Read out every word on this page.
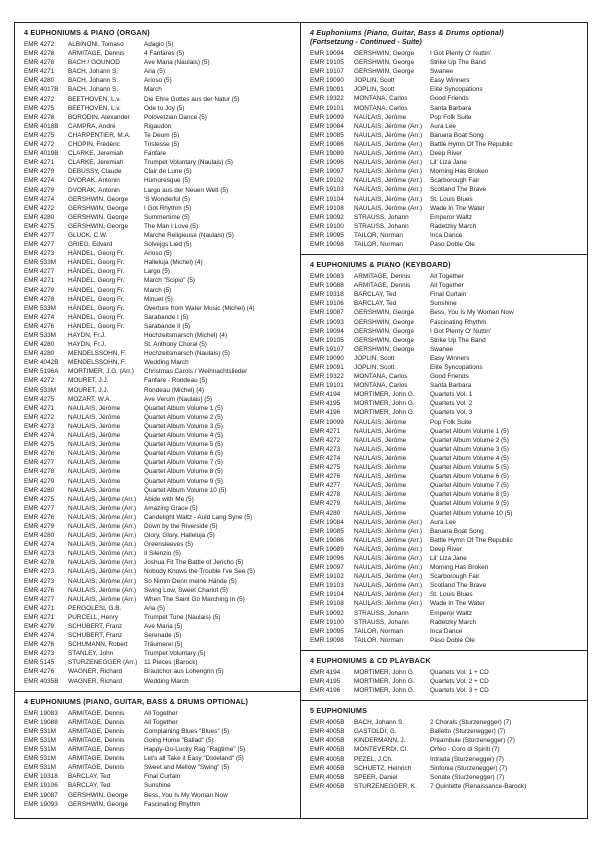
4 EUPHONIUMS & PIANO (ORGAN)
EMR 4272	ALBINONI, Tomaso	Adagio (5)
EMR 4278	ARMITAGE, Dennis	4 Fanfares (5)
EMR 4278	BACH / GOUNOD	Ave Maria (Naulais) (5)
EMR 4271	BACH, Johann S.	Aria (5)
EMR 4280	BACH, Johann S.	Arioso (5)
EMR 4017B	BACH, Johann S.	March
EMR 4272	BEETHOVEN, L.v.	Die Ehre Gottes aus der Natur (5)
EMR 4275	BEETHOVEN, L.v.	Ode to Joy (5)
EMR 4278	BORODIN, Alexander	Polovetzian Dance (5)
EMR 4018B	CAMPRA, André	Rigaudon
EMR 4275	CHARPENTIER, M.A.	Te Deum (5)
EMR 4272	CHOPIN, Frédéric	Tristesse (5)
EMR 4019B	CLARKE, Jeremiah	Fanfare
EMR 4271	CLARKE, Jeremiah	Trumpet Voluntary (Naulais) (5)
EMR 4279	DEBUSSY, Claude	Clair de Lune (5)
EMR 4274	DVORAK, Antonin	Humoresque (5)
EMR 4279	DVORAK, Antonin	Largo aus der Neuen Welt (5)
EMR 4274	GERSHWIN, George	'S Wonderful (5)
EMR 4272	GERSHWIN, George	I Got Rhythm (5)
EMR 4280	GERSHWIN, George	Summertime (5)
EMR 4275	GERSHWIN, George	The Man I Love (5)
EMR 4277	GLUCK, C.W.	Marche Religieuse (Naulais) (5)
EMR 4277	GRIEG, Edvard	Solvejgs Lied (5)
EMR 4273	HÄNDEL, Georg Fr.	Arioso (5)
EMR 533M	HÄNDEL, Georg Fr.	Halleluja (Michel) (4)
EMR 4277	HÄNDEL, Georg Fr.	Largo (5)
EMR 4271	HÄNDEL, Georg Fr.	March "Scipio" (5)
EMR 4279	HÄNDEL, Georg Fr.	March (5)
EMR 4278	HÄNDEL, Georg Fr.	Minuet (5)
EMR 533M	HÄNDEL, Georg Fr.	Overture from Water Music (Michel) (4)
EMR 4274	HÄNDEL, Georg Fr.	Sarabande I (5)
EMR 4276	HÄNDEL, Georg Fr.	Sarabande II (5)
EMR 533M	HAYDN, Fr.J.	Hochzeitsmarsch (Michel) (4)
EMR 4280	HAYDN, Fr.J.	St. Anthony Choral (5)
EMR 4280	MENDELSSOHN, F.	Hochzeitsmarsch (Naulais) (5)
EMR 4042B	MENDELSSOHN, F.	Wedding March
EMR 5196A	MORTIMER, J.G. (Arr.)	Christmas Carols / Weihnachtslieder
EMR 4272	MOURET, J.J.	Fanfare - Rondeau (5)
EMR 533M	MOURET, J.J.	Rondeau (Michel) (4)
EMR 4275	MOZART, W.A.	Ave Verum (Naulais) (5)
EMR 4271	NAULAIS, Jérôme	Quartet Album Volume 1 (5)
EMR 4272	NAULAIS, Jérôme	Quartet Album Volume 2 (5)
EMR 4273	NAULAIS, Jérôme	Quartet Album Volume 3 (5)
EMR 4274	NAULAIS, Jérôme	Quartet Album Volume 4 (5)
EMR 4275	NAULAIS, Jérôme	Quartet Album Volume 5 (5)
EMR 4276	NAULAIS, Jérôme	Quartet Album Volume 6 (5)
EMR 4277	NAULAIS, Jérôme	Quartet Album Volume 7 (5)
EMR 4278	NAULAIS, Jérôme	Quartet Album Volume 8 (5)
EMR 4279	NAULAIS, Jérôme	Quartet Album Volume 9 (5)
EMR 4280	NAULAIS, Jérôme	Quartet Album Volume 10 (5)
EMR 4275	NAULAIS, Jérôme (Arr.)	Abide with Me (5)
EMR 4277	NAULAIS, Jérôme (Arr.)	Amazing Grace (5)
EMR 4276	NAULAIS, Jérôme (Arr.)	Candelight Waltz - Auld Lang Syne (5)
EMR 4279	NAULAIS, Jérôme (Arr.)	Down by the Riverside (5)
EMR 4280	NAULAIS, Jérôme (Arr.)	Glory, Glory, Halleluja (5)
EMR 4274	NAULAIS, Jérôme (Arr.)	Greensleeves (5)
EMR 4273	NAULAIS, Jérôme (Arr.)	Il Silenzio (5)
EMR 4278	NAULAIS, Jérôme (Arr.)	Joshua Fit The Battle of Jericho (5)
EMR 4273	NAULAIS, Jérôme (Arr.)	Nobody Knows the Trouble I've See (5)
EMR 4273	NAULAIS, Jérôme (Arr.)	So Nimm Denn meine Hände (5)
EMR 4276	NAULAIS, Jérôme (Arr.)	Swing Low, Sweet Chariot (5)
EMR 4277	NAULAIS, Jérôme (Arr.)	When The Saint Go Marching In (5)
EMR 4271	PERGOLESI, G.B.	Aria (5)
EMR 4271	PURCELL, Henry	Trumpet Tune (Naulais) (5)
EMR 4279	SCHUBERT, Franz	Ave Maria (5)
EMR 4274	SCHUBERT, Franz	Serenade (5)
EMR 4276	SCHUMANN, Robert	Träumerei (5)
EMR 4273	STANLEY, John	Trumpet Voluntary (5)
EMR 5145	STURZENEGGER (Arr.)	11 Pieces (Barock)
EMR 4276	WAGNER, Richard	Brautchor aus Lohengrin (5)
EMR 4035B	WAGNER, Richard	Wedding March
4 EUPHONIUMS (PIANO, GUITAR, BASS & DRUMS OPTIONAL)
EMR 19083	ARMITAGE, Dennis	All Together
EMR 19088	ARMITAGE, Dennis	All Together
EMR 531M	ARMITAGE, Dennis	Complaining Blues "Blues" (5)
EMR 531M	ARMITAGE, Dennis	Going Home "Ballad" (5)
EMR 531M	ARMITAGE, Dennis	Happy-Go-Lucky Rag "Ragtime" (5)
EMR 531M	ARMITAGE, Dennis	Let's all Take it Easy "Dixieland" (5)
EMR 531M	ARMITAGE, Dennis	Sweet and Mellow "Swing" (5)
EMR 19318	BARCLAY, Ted	Final Curtain
EMR 19106	BARCLAY, Ted	Sunshine
EMR 19087	GERSHWIN, George	Bess, You Is My Woman Now
EMR 19093	GERSHWIN, George	Fascinating Rhythm
4 Euphoniums (Piano, Guitar, Bass & Drums optional)
(Fortsetzung - Continued - Suite)
EMR 19094	GERSHWIN, George	I Got Plenty O' Nuttin'
EMR 19105	GERSHWIN, George	Strike Up The Band
EMR 19107	GERSHWIN, George	Swanee
EMR 19090	JOPLIN, Scott	Easy Winners
EMR 19091	JOPLIN, Scott	Elite Syncopations
EMR 19322	MONTANA, Carlos	Good Friends
EMR 19101	MONTANA, Carlos	Santa Barbara
EMR 19099	NAULAIS, Jérôme	Pop Folk Suite
EMR 19084	NAULAIS, Jérôme (Arr.)	Aura Lee
EMR 19085	NAULAIS, Jérôme (Arr.)	Banana Boat Song
EMR 19086	NAULAIS, Jérôme (Arr.)	Battle Hymn Of The Republic
EMR 19089	NAULAIS, Jérôme (Arr.)	Deep River
EMR 19096	NAULAIS, Jérôme (Arr.)	Lil' Liza Jane
EMR 19097	NAULAIS, Jérôme (Arr.)	Morning Has Broken
EMR 19102	NAULAIS, Jérôme (Arr.)	Scarborough Fair
EMR 19103	NAULAIS, Jérôme (Arr.)	Scotland The Brave
EMR 19104	NAULAIS, Jérôme (Arr.)	St. Louis Blues
EMR 19108	NAULAIS, Jérôme (Arr.)	Wade In The Water
EMR 19092	STRAUSS, Johann	Emperor Waltz
EMR 19100	STRAUSS, Johann	Radetzky March
EMR 19095	TAILOR, Norman	Inca Dance
EMR 19098	TAILOR, Norman	Paso Doble Ole
4 EUPHONIUMS & PIANO (KEYBOARD)
EMR 19083	ARMITAGE, Dennis	All Together
EMR 19088	ARMITAGE, Dennis	All Together
EMR 19318	BARCLAY, Ted	Final Curtain
EMR 19106	BARCLAY, Ted	Sunshine
EMR 19087	GERSHWIN, George	Bess, You Is My Woman Now
EMR 19093	GERSHWIN, George	Fascinating Rhythm
EMR 19094	GERSHWIN, George	I Got Plenty O' Nuttin'
EMR 19105	GERSHWIN, George	Strike Up The Band
EMR 19107	GERSHWIN, George	Swanee
EMR 19090	JOPLIN, Scott	Easy Winners
EMR 19091	JOPLIN, Scott	Elite Syncopations
EMR 19322	MONTANA, Carlos	Good Friends
EMR 19101	MONTANA, Carlos	Santa Barbara
EMR 4194	MORTIMER, John G.	Quartets Vol. 1
EMR 4195	MORTIMER, John G.	Quartets Vol. 2
EMR 4196	MORTIMER, John G.	Quartets Vol. 3
EMR 19099	NAULAIS, Jérôme	Pop Folk Suite
EMR 4271	NAULAIS, Jérôme	Quartet Album Volume 1 (5)
EMR 4272	NAULAIS, Jérôme	Quartet Album Volume 2 (5)
EMR 4273	NAULAIS, Jérôme	Quartet Album Volume 3 (5)
EMR 4274	NAULAIS, Jérôme	Quartet Album Volume 4 (5)
EMR 4275	NAULAIS, Jérôme	Quartet Album Volume 5 (5)
EMR 4276	NAULAIS, Jérôme	Quartet Album Volume 6 (5)
EMR 4277	NAULAIS, Jérôme	Quartet Album Volume 7 (5)
EMR 4278	NAULAIS, Jérôme	Quartet Album Volume 8 (5)
EMR 4279	NAULAIS, Jérôme	Quartet Album Volume 9 (5)
EMR 4280	NAULAIS, Jérôme	Quartet Album Volume 10 (5)
EMR 19084	NAULAIS, Jérôme (Arr.)	Aura Lee
EMR 19085	NAULAIS, Jérôme (Arr.)	Banana Boat Song
EMR 19086	NAULAIS, Jérôme (Arr.)	Battle Hymn Of The Republic
EMR 19089	NAULAIS, Jérôme (Arr.)	Deep River
EMR 19096	NAULAIS, Jérôme (Arr.)	Lil' Liza Jane
EMR 19097	NAULAIS, Jérôme (Arr.)	Morning Has Broken
EMR 19102	NAULAIS, Jérôme (Arr.)	Scarborough Fair
EMR 19103	NAULAIS, Jérôme (Arr.)	Scotland The Brave
EMR 19104	NAULAIS, Jérôme (Arr.)	St. Louis Blues
EMR 19108	NAULAIS, Jérôme (Arr.)	Wade In The Water
EMR 19092	STRAUSS, Johann	Emperor Waltz
EMR 19100	STRAUSS, Johann	Radetzky March
EMR 19095	TAILOR, Norman	Inca Dance
EMR 19098	TAILOR, Norman	Paso Doble Ole
4 EUPHONIUMS & CD PLAYBACK
EMR 4194	MORTIMER, John G.	Quartets Vol. 1 + CD
EMR 4195	MORTIMER, John G.	Quartets Vol. 2 + CD
EMR 4196	MORTIMER, John G.	Quartets Vol. 3 + CD
5 EUPHONIUMS
EMR 4005B	BACH, Johann S.	2 Chorals (Sturzenegger) (7)
EMR 4005B	GASTOLDI, G.	Balletto (Sturzenegger) (7)
EMR 4005B	KINDERMANN, J.	Préambule (Sturzenegger) (7)
EMR 4005B	MONTEVERDI, Cl.	Orfeo - Coro di Spiriti (7)
EMR 4005B	PEZEL, J.Ch.	Intrada (Sturzenegger) (7)
EMR 4005B	SCHUETZ, Heinrich	Sinfonia (Sturzenegger) (7)
EMR 4005B	SPEER, Daniel	Sonate (Sturzenegger) (7)
EMR 4005B	STURZENEGGER, K.	7 Quintette (Renaissance-Barock)
